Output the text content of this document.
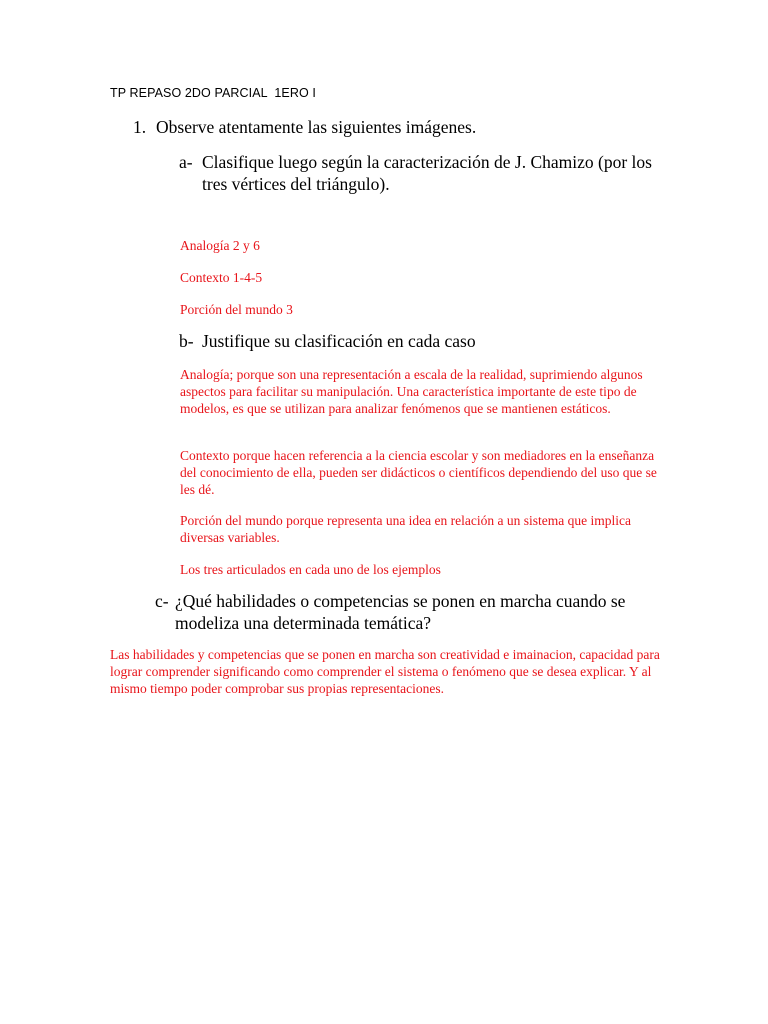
TP REPASO 2DO PARCIAL  1ERO I
1. Observe atentamente las siguientes imágenes.
a- Clasifique luego según la caracterización de J. Chamizo (por los tres vértices del triángulo).
Analogía 2 y 6
Contexto 1-4-5
Porción del mundo 3
b- Justifique su clasificación en cada caso
Analogía; porque son una representación a escala de la realidad, suprimiendo algunos aspectos para facilitar su manipulación. Una característica importante de este tipo de modelos, es que se utilizan para analizar fenómenos que se mantienen estáticos.
Contexto porque hacen referencia a la ciencia escolar y son mediadores en la enseñanza del conocimiento de ella, pueden ser didácticos o científicos dependiendo del uso que se les dé.
Porción del mundo porque representa una idea en relación a un sistema que implica diversas variables.
Los tres articulados en cada uno de los ejemplos
c- ¿Qué habilidades o competencias se ponen en marcha cuando se modeliza una determinada temática?
Las habilidades y competencias que se ponen en marcha son creatividad e imainacion, capacidad para lograr comprender significando como comprender el sistema o fenómeno que se desea explicar. Y al mismo tiempo poder comprobar sus propias representaciones.
